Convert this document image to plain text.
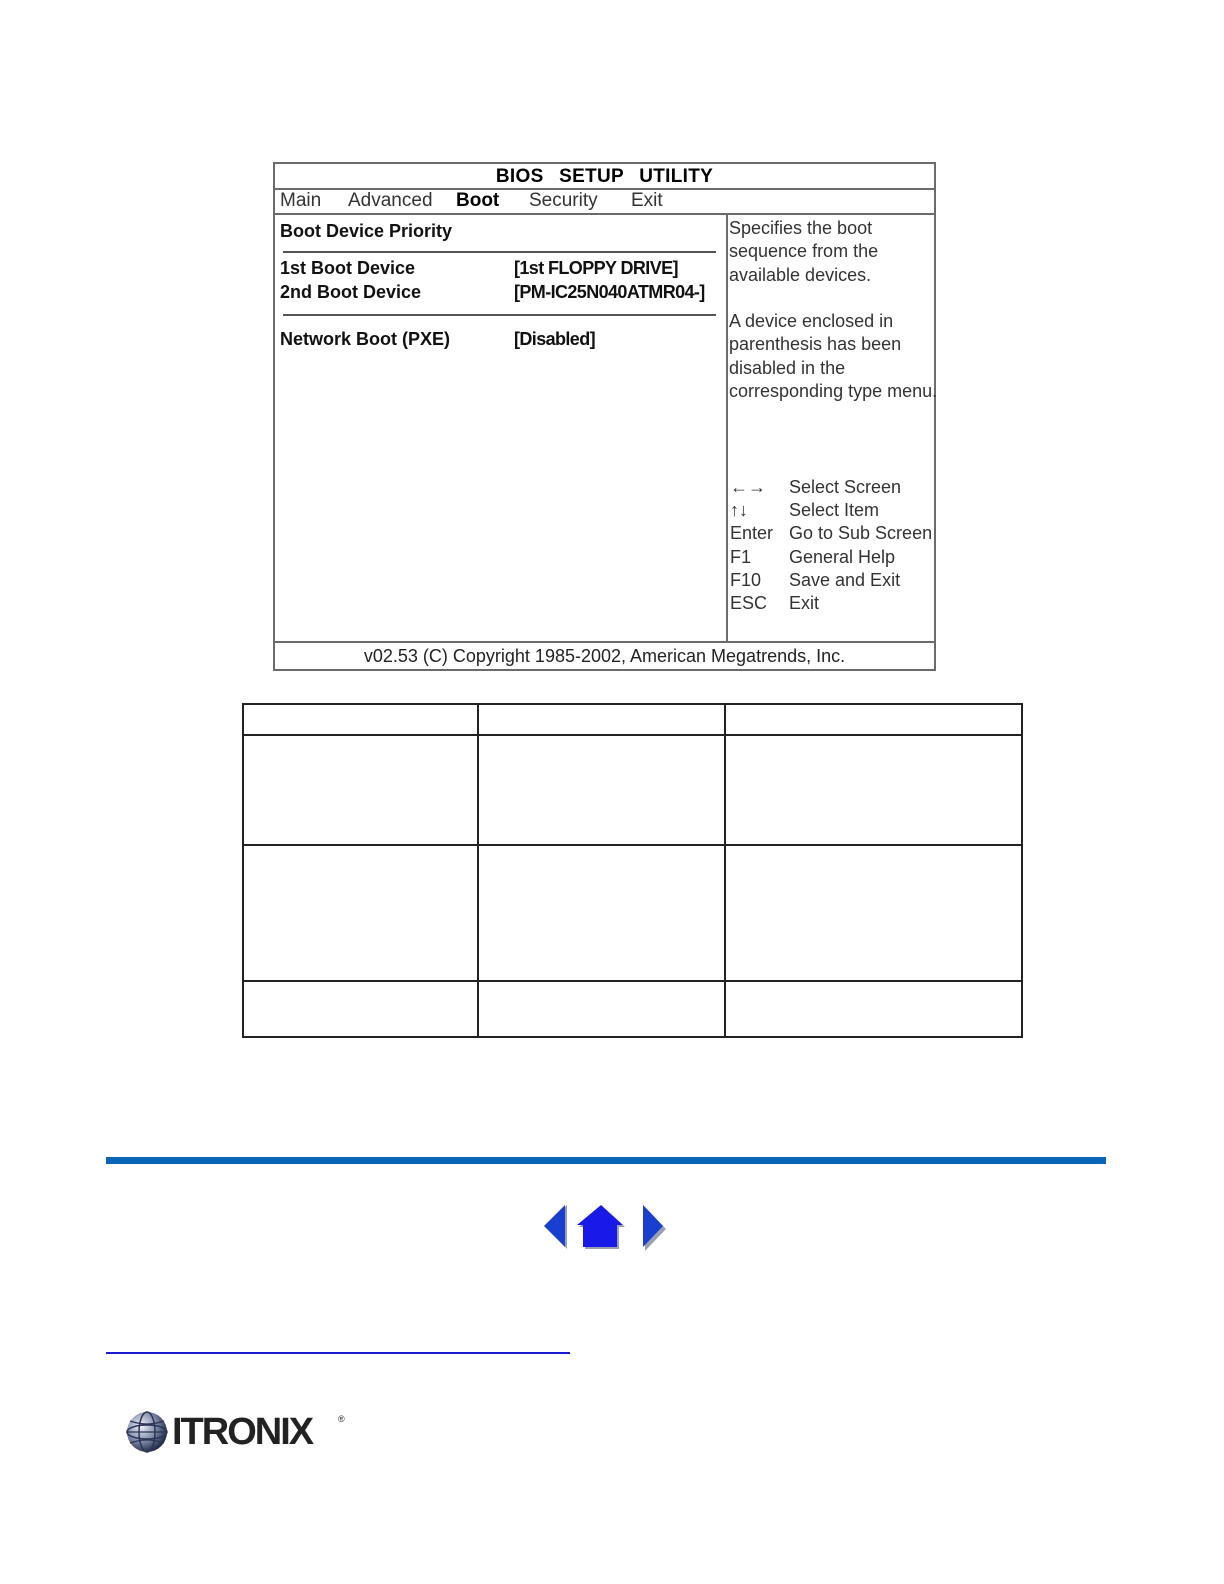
BIOS SETUP UTILITY
Main Advanced Boot Security Exit
Boot Device Priority
1st Boot Device	[1st FLOPPY DRIVE]
2nd Boot Device	[PM-IC25N040ATMR04-]
Network Boot (PXE)	[Disabled]
Specifies the boot sequence from the available devices.
A device enclosed in parenthesis has been disabled in the corresponding type menu.
←→	Select Screen
↑↓	Select Item
Enter Go to Sub Screen
F1	General Help
F10	Save and Exit
ESC	Exit
v02.53 (C) Copyright 1985-2002, American Megatrends, Inc.

ITRONIX	®
